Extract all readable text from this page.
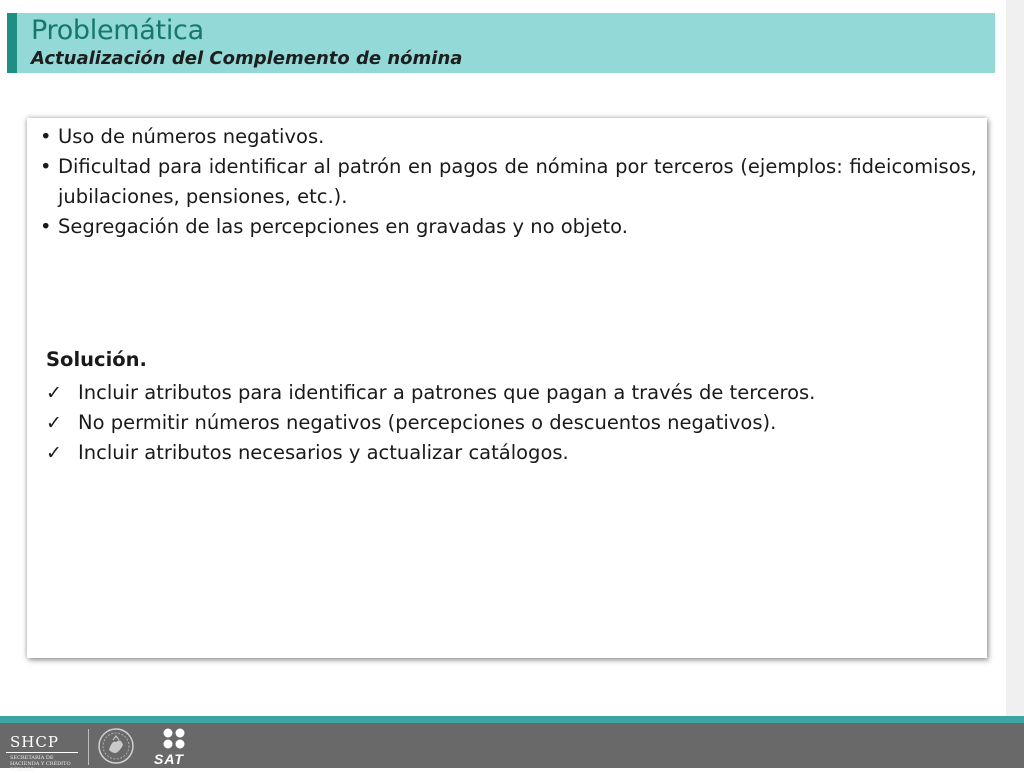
Problemática
Actualización del Complemento de nómina
• Uso de números negativos.
• Dificultad para identificar al patrón en pagos de nómina por terceros (ejemplos: fideicomisos, jubilaciones, pensiones, etc.).
• Segregación de las percepciones en gravadas y no objeto.
Solución.
✓ Incluir atributos para identificar a patrones que pagan a través de terceros.
✓ No permitir números negativos (percepciones o descuentos negativos).
✓ Incluir atributos necesarios y actualizar catálogos.
SHCP
SECRETARÍA DE HACIENDA Y CRÉDITO PÚBLICO
SAT
